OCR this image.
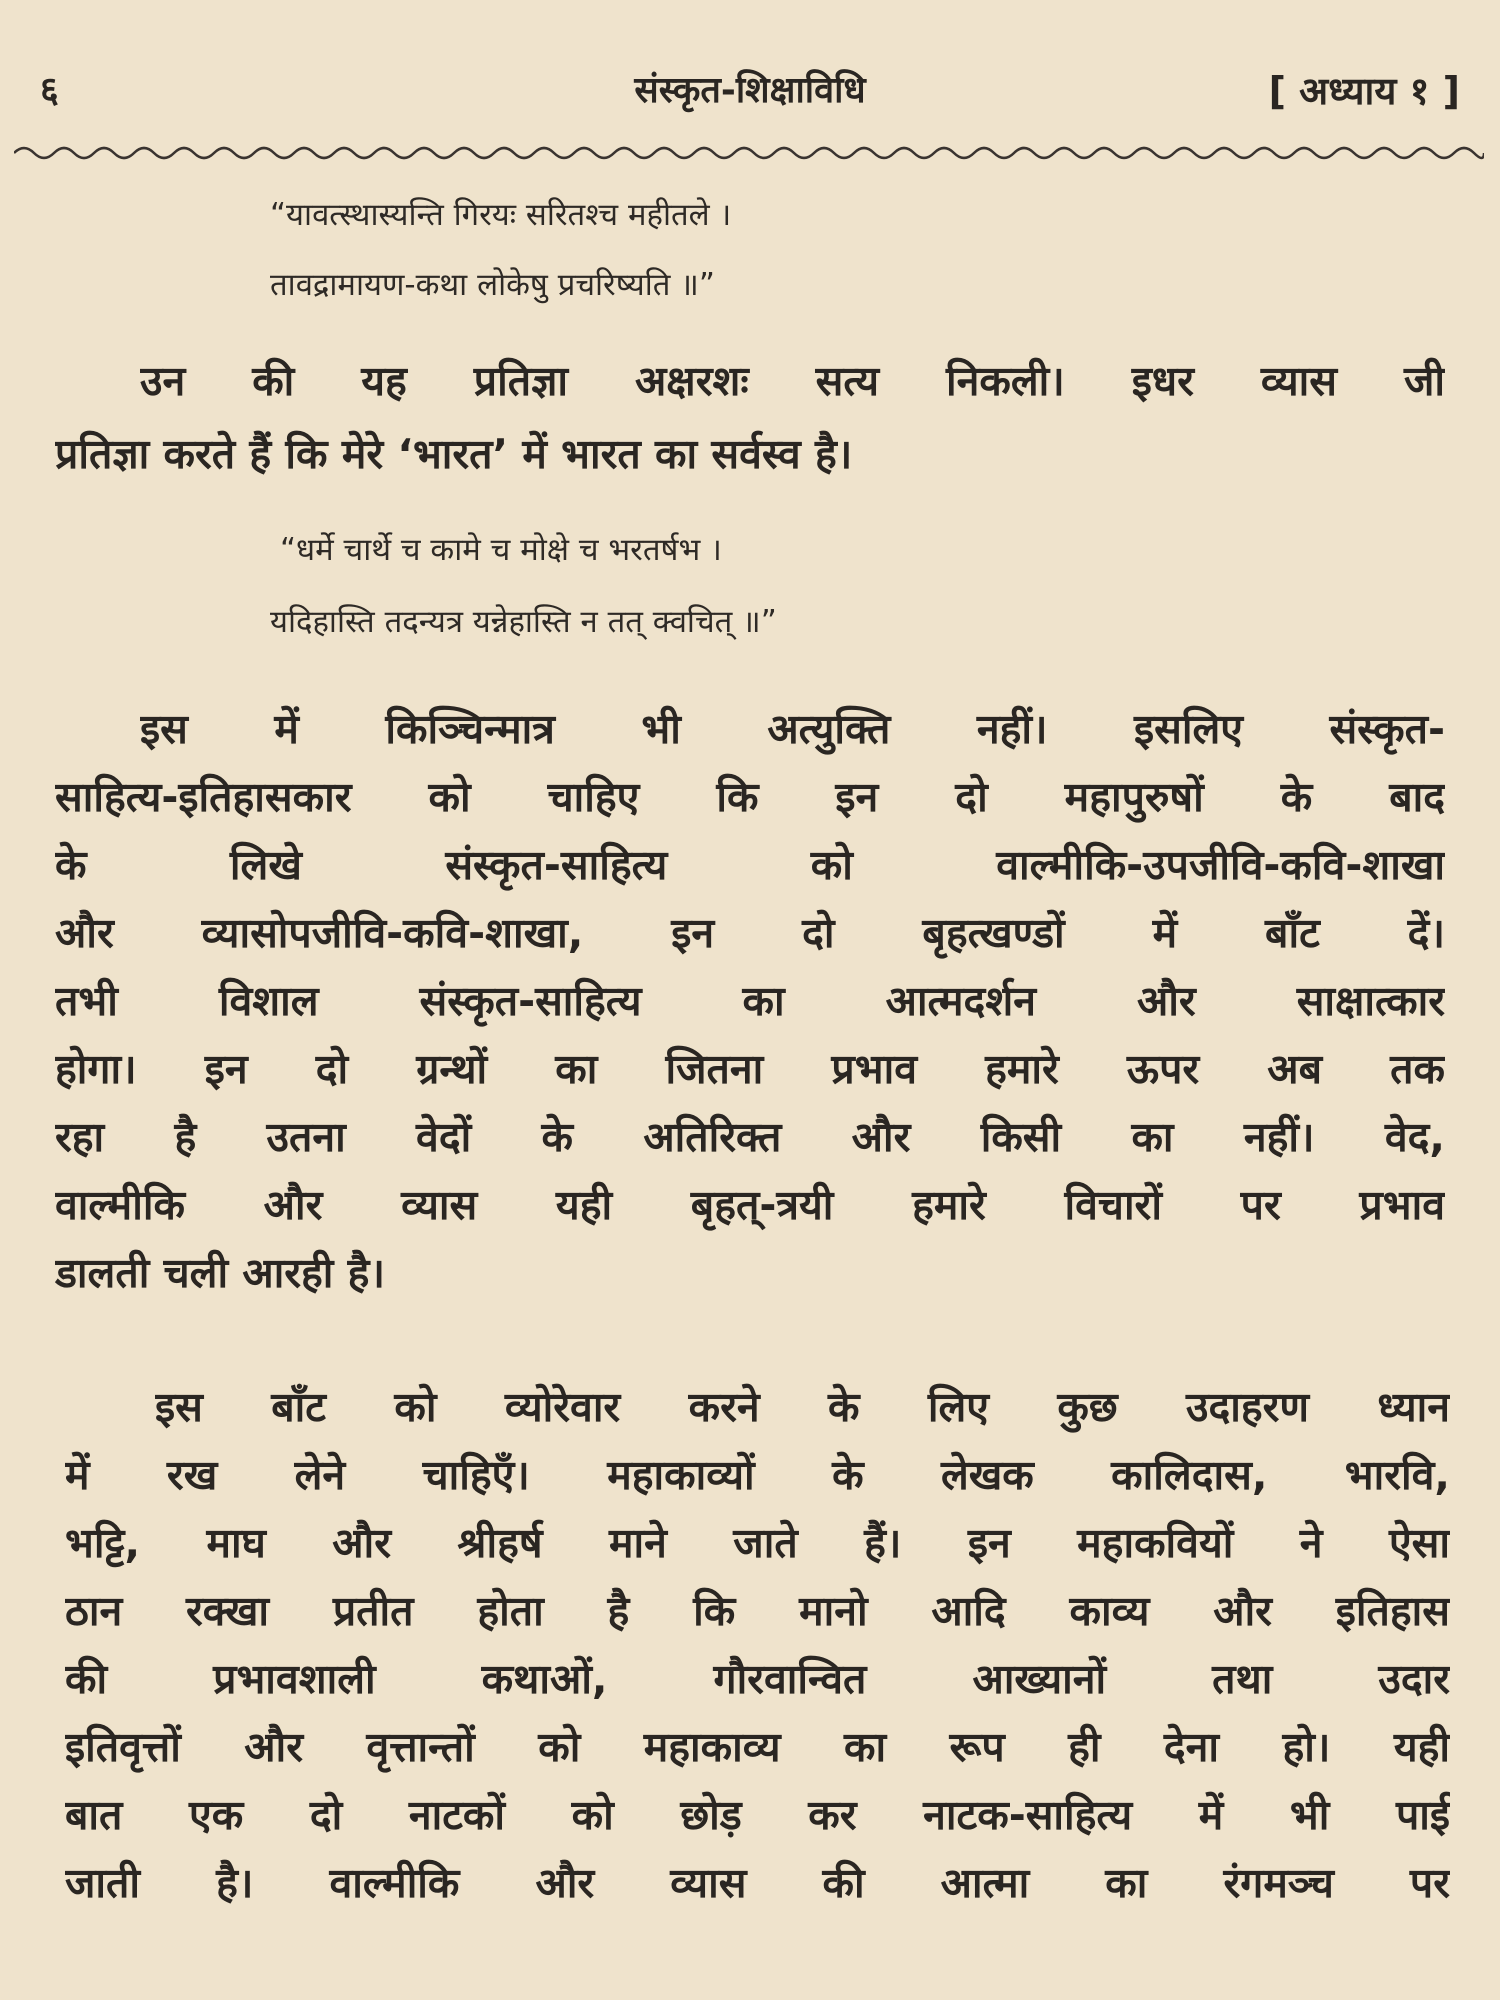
६	संस्कृत-शिक्षाविधि	[ अध्याय १ ]
“यावत्स्थास्यन्ति गिरयः सरितश्च महीतले ।
तावद्रामायण-कथा लोकेषु प्रचरिष्यति ॥”
उन की यह प्रतिज्ञा अक्षरशः सत्य निकली। इधर व्यास जी
प्रतिज्ञा करते हैं कि मेरे ‘भारत’ में भारत का सर्वस्व है।
“धर्मे चार्थे च कामे च मोक्षे च भरतर्षभ ।
यदिहास्ति तदन्यत्र यन्नेहास्ति न तत् क्वचित् ॥”
इस में किञ्चिन्मात्र भी अत्युक्ति नहीं। इसलिए संस्कृत-
साहित्य-इतिहासकार को चाहिए कि इन दो महापुरुषों के बाद
के लिखे संस्कृत-साहित्य को वाल्मीकि-उपजीवि-कवि-शाखा
और व्यासोपजीवि-कवि-शाखा, इन दो बृहत्खण्डों में बाँट दें।
तभी विशाल संस्कृत-साहित्य का आत्मदर्शन और साक्षात्कार
होगा। इन दो ग्रन्थों का जितना प्रभाव हमारे ऊपर अब तक
रहा है उतना वेदों के अतिरिक्त और किसी का नहीं। वेद,
वाल्मीकि और व्यास यही बृहत्-त्रयी हमारे विचारों पर प्रभाव
डालती चली आरही है।
इस बाँट को व्योरेवार करने के लिए कुछ उदाहरण ध्यान
में रख लेने चाहिएँ। महाकाव्यों के लेखक कालिदास, भारवि,
भट्टि, माघ और श्रीहर्ष माने जाते हैं। इन महाकवियों ने ऐसा
ठान रक्खा प्रतीत होता है कि मानो आदि काव्य और इतिहास
की प्रभावशाली कथाओं, गौरवान्वित आख्यानों तथा उदार
इतिवृत्तों और वृत्तान्तों को महाकाव्य का रूप ही देना हो। यही
बात एक दो नाटकों को छोड़ कर नाटक-साहित्य में भी पाई
जाती है। वाल्मीकि और व्यास की आत्मा का रंगमञ्च पर
